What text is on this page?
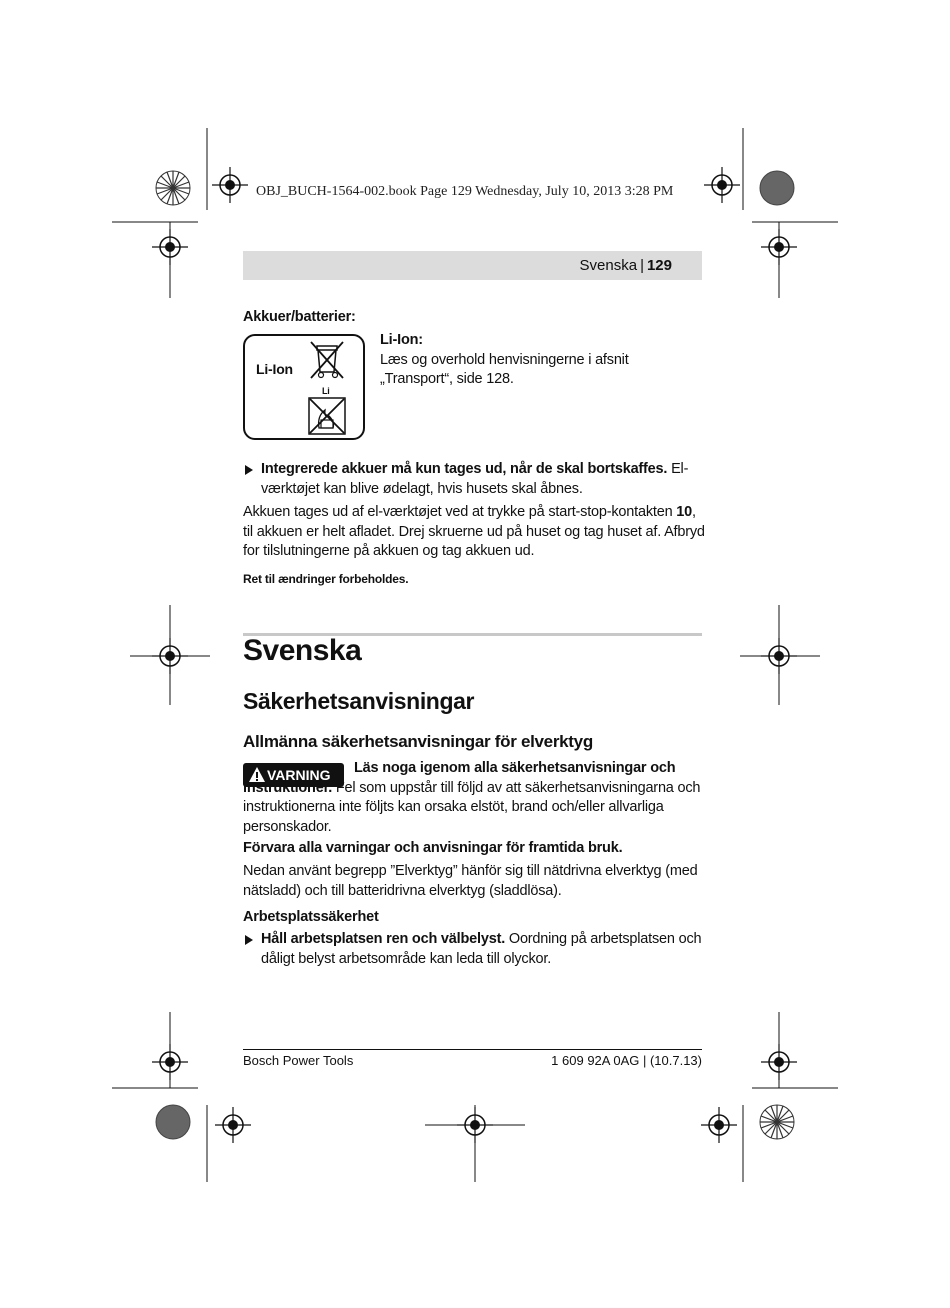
OBJ_BUCH-1564-002.book Page 129 Wednesday, July 10, 2013 3:28 PM
Svenska | 129
Akkuer/batterier:
Li-Ion
Li
Li-Ion:
Læs og overhold henvisningerne i afsnit „Transport“, side 128.
Integrerede akkuer må kun tages ud, når de skal bortskaffes. El-værktøjet kan blive ødelagt, hvis husets skal åbnes.
Akkuen tages ud af el-værktøjet ved at trykke på start-stop-kontakten 10, til akkuen er helt afladet. Drej skruerne ud på huset og tag huset af. Afbryd for tilslutningerne på akkuen og tag akkuen ud.
Ret til ændringer forbeholdes.
Svenska
Säkerhetsanvisningar
Allmänna säkerhetsanvisningar för elverktyg
VARNING	Läs noga igenom alla säkerhetsanvisningar och instruktioner. Fel som uppstår till följd av att säkerhetsanvisningarna och instruktionerna inte följts kan orsaka elstöt, brand och/eller allvarliga personskador.
Förvara alla varningar och anvisningar för framtida bruk.
Nedan använt begrepp ”Elverktyg” hänför sig till nätdrivna elverktyg (med nätsladd) och till batteridrivna elverktyg (sladdlösa).
Arbetsplatssäkerhet
Håll arbetsplatsen ren och välbelyst. Oordning på arbetsplatsen och dåligt belyst arbetsområde kan leda till olyckor.
Bosch Power Tools	1 609 92A 0AG | (10.7.13)
